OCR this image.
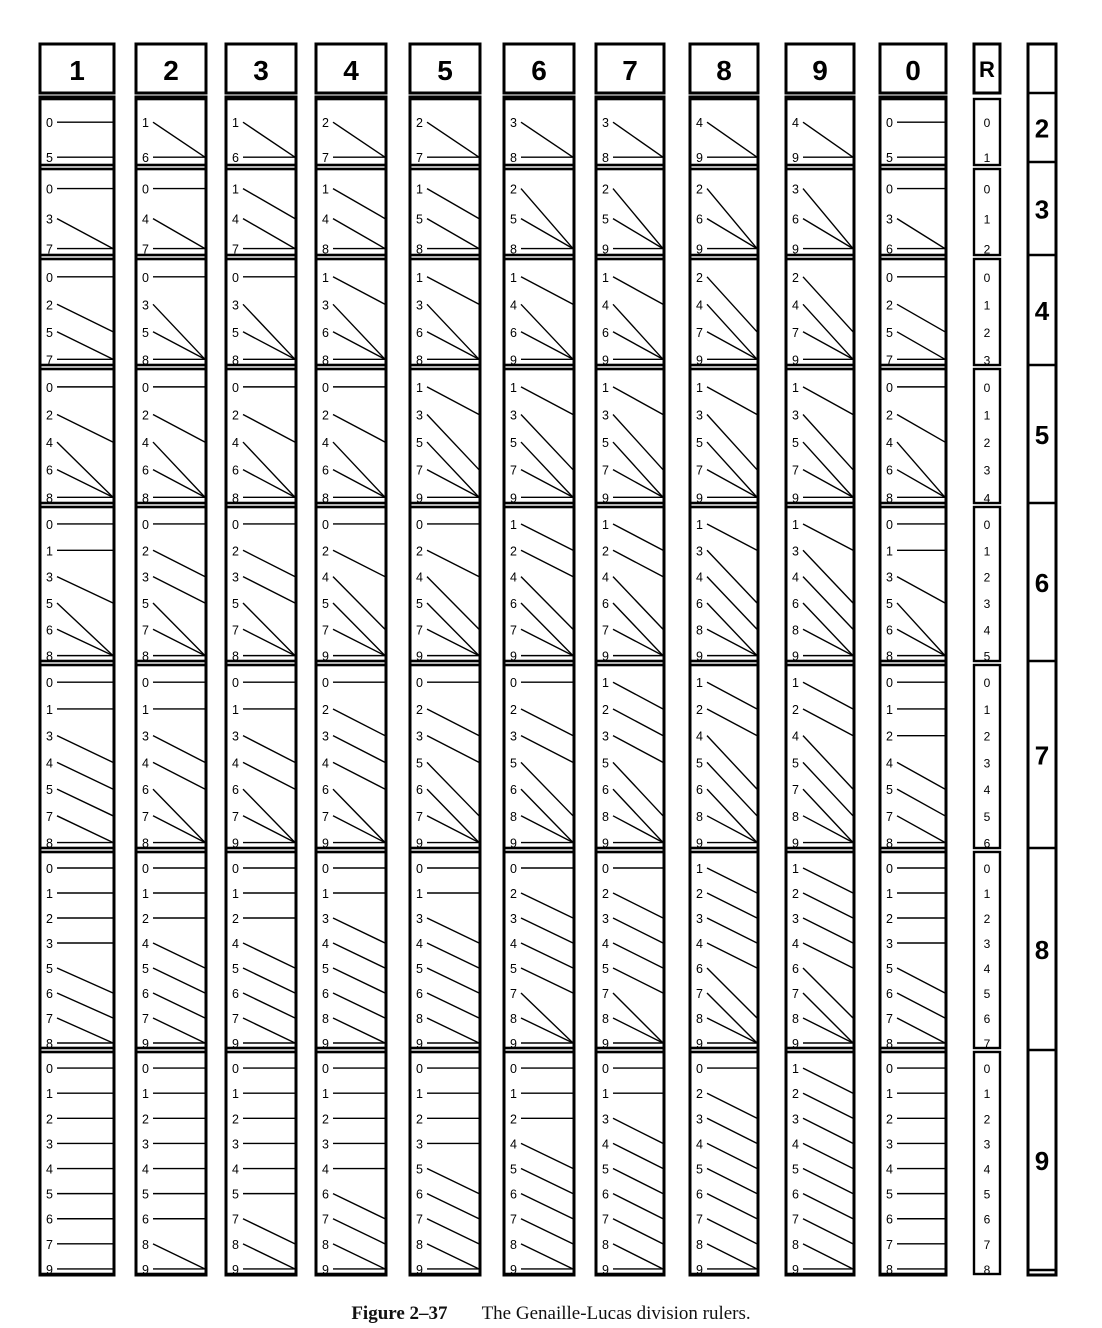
1
0
5
0
3
7
0
2
5
7
0
2
4
6
8
0
1
3
5
6
8
0
1
3
4
5
7
8
0
1
2
3
5
6
7
8
0
1
2
3
4
5
6
7
9
2
1
6
0
4
7
0
3
5
8
0
2
4
6
8
0
2
3
5
7
8
0
1
3
4
6
7
8
0
1
2
4
5
6
7
9
0
1
2
3
4
5
6
8
9
3
1
6
1
4
7
0
3
5
8
0
2
4
6
8
0
2
3
5
7
8
0
1
3
4
6
7
9
0
1
2
4
5
6
7
9
0
1
2
3
4
5
7
8
9
4
2
7
1
4
8
1
3
6
8
0
2
4
6
8
0
2
4
5
7
9
0
2
3
4
6
7
9
0
1
3
4
5
6
8
9
0
1
2
3
4
6
7
8
9
5
2
7
1
5
8
1
3
6
8
1
3
5
7
9
0
2
4
5
7
9
0
2
3
5
6
7
9
0
1
3
4
5
6
8
9
0
1
2
3
5
6
7
8
9
6
3
8
2
5
8
1
4
6
9
1
3
5
7
9
1
2
4
6
7
9
0
2
3
5
6
8
9
0
2
3
4
5
7
8
9
0
1
2
4
5
6
7
8
9
7
3
8
2
5
9
1
4
6
9
1
3
5
7
9
1
2
4
6
7
9
1
2
3
5
6
8
9
0
2
3
4
5
7
8
9
0
1
3
4
5
6
7
8
9
8
4
9
2
6
9
2
4
7
9
1
3
5
7
9
1
3
4
6
8
9
1
2
4
5
6
8
9
1
2
3
4
6
7
8
9
0
2
3
4
5
6
7
8
9
9
4
9
3
6
9
2
4
7
9
1
3
5
7
9
1
3
4
6
8
9
1
2
4
5
7
8
9
1
2
3
4
6
7
8
9
1
2
3
4
5
6
7
8
9
0
0
5
0
3
6
0
2
5
7
0
2
4
6
8
0
1
3
5
6
8
0
1
2
4
5
7
8
0
1
2
3
5
6
7
8
0
1
2
3
4
5
6
7
8
R
0
1
0
1
2
0
1
2
3
0
1
2
3
4
0
1
2
3
4
5
0
1
2
3
4
5
6
0
1
2
3
4
5
6
7
0
1
2
3
4
5
6
7
8
2
3
4
5
6
7
8
9
Figure 2–37 The Genaille-Lucas division rulers.
